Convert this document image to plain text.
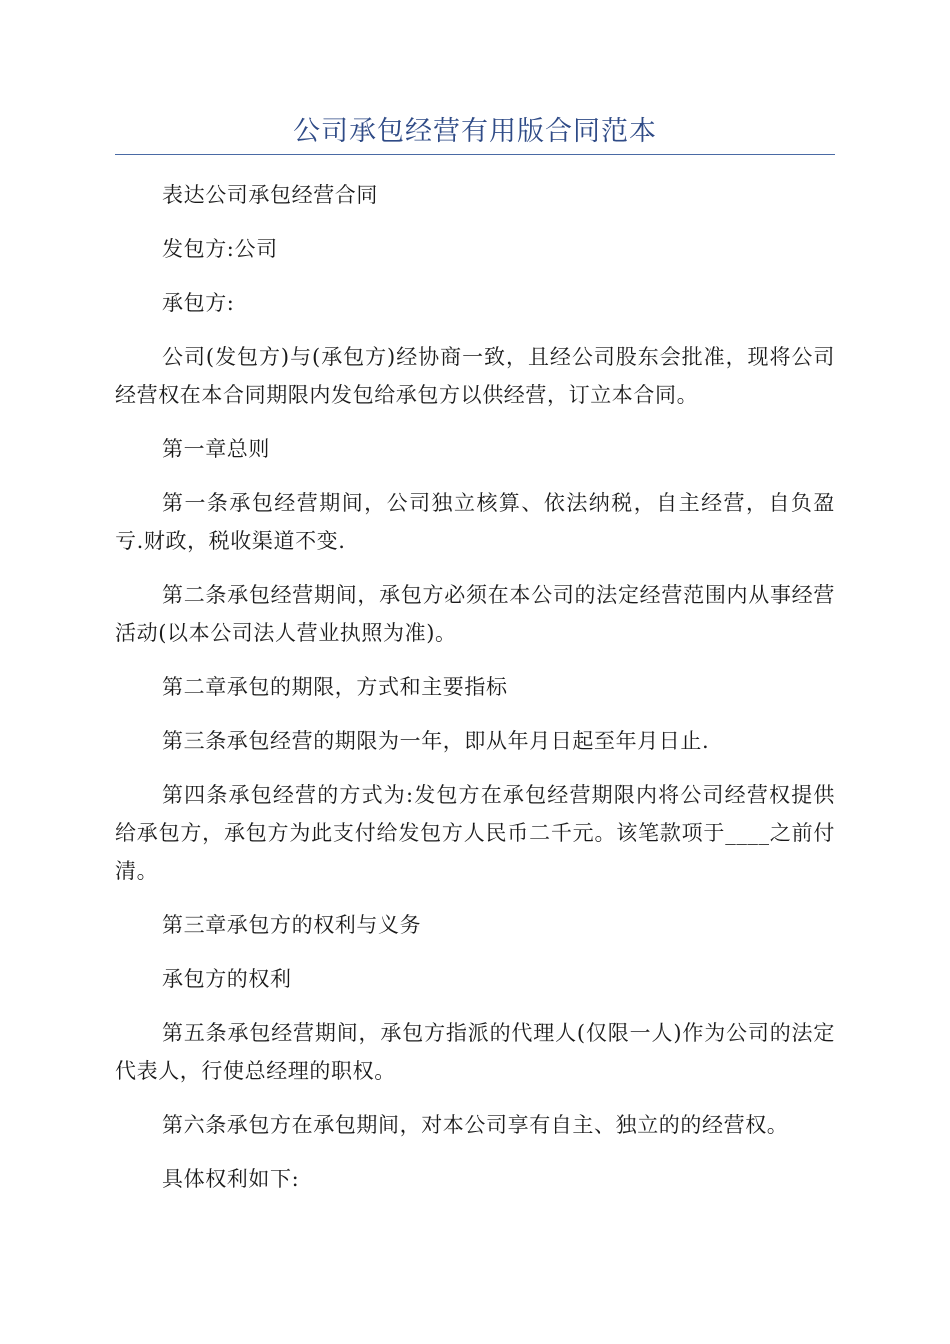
公司承包经营有用版合同范本

表达公司承包经营合同

发包方:公司

承包方:

公司(发包方)与(承包方)经协商一致，且经公司股东会批准，现将公司经营权在本合同期限内发包给承包方以供经营，订立本合同。

第一章总则

第一条承包经营期间，公司独立核算、依法纳税，自主经营，自负盈亏.财政，税收渠道不变.

第二条承包经营期间，承包方必须在本公司的法定经营范围内从事经营活动(以本公司法人营业执照为准)。

第二章承包的期限，方式和主要指标

第三条承包经营的期限为一年，即从年月日起至年月日止.

第四条承包经营的方式为:发包方在承包经营期限内将公司经营权提供给承包方，承包方为此支付给发包方人民币二千元。该笔款项于____之前付清。

第三章承包方的权利与义务

承包方的权利

第五条承包经营期间，承包方指派的代理人(仅限一人)作为公司的法定代表人，行使总经理的职权。

第六条承包方在承包期间，对本公司享有自主、独立的的经营权。

具体权利如下:
